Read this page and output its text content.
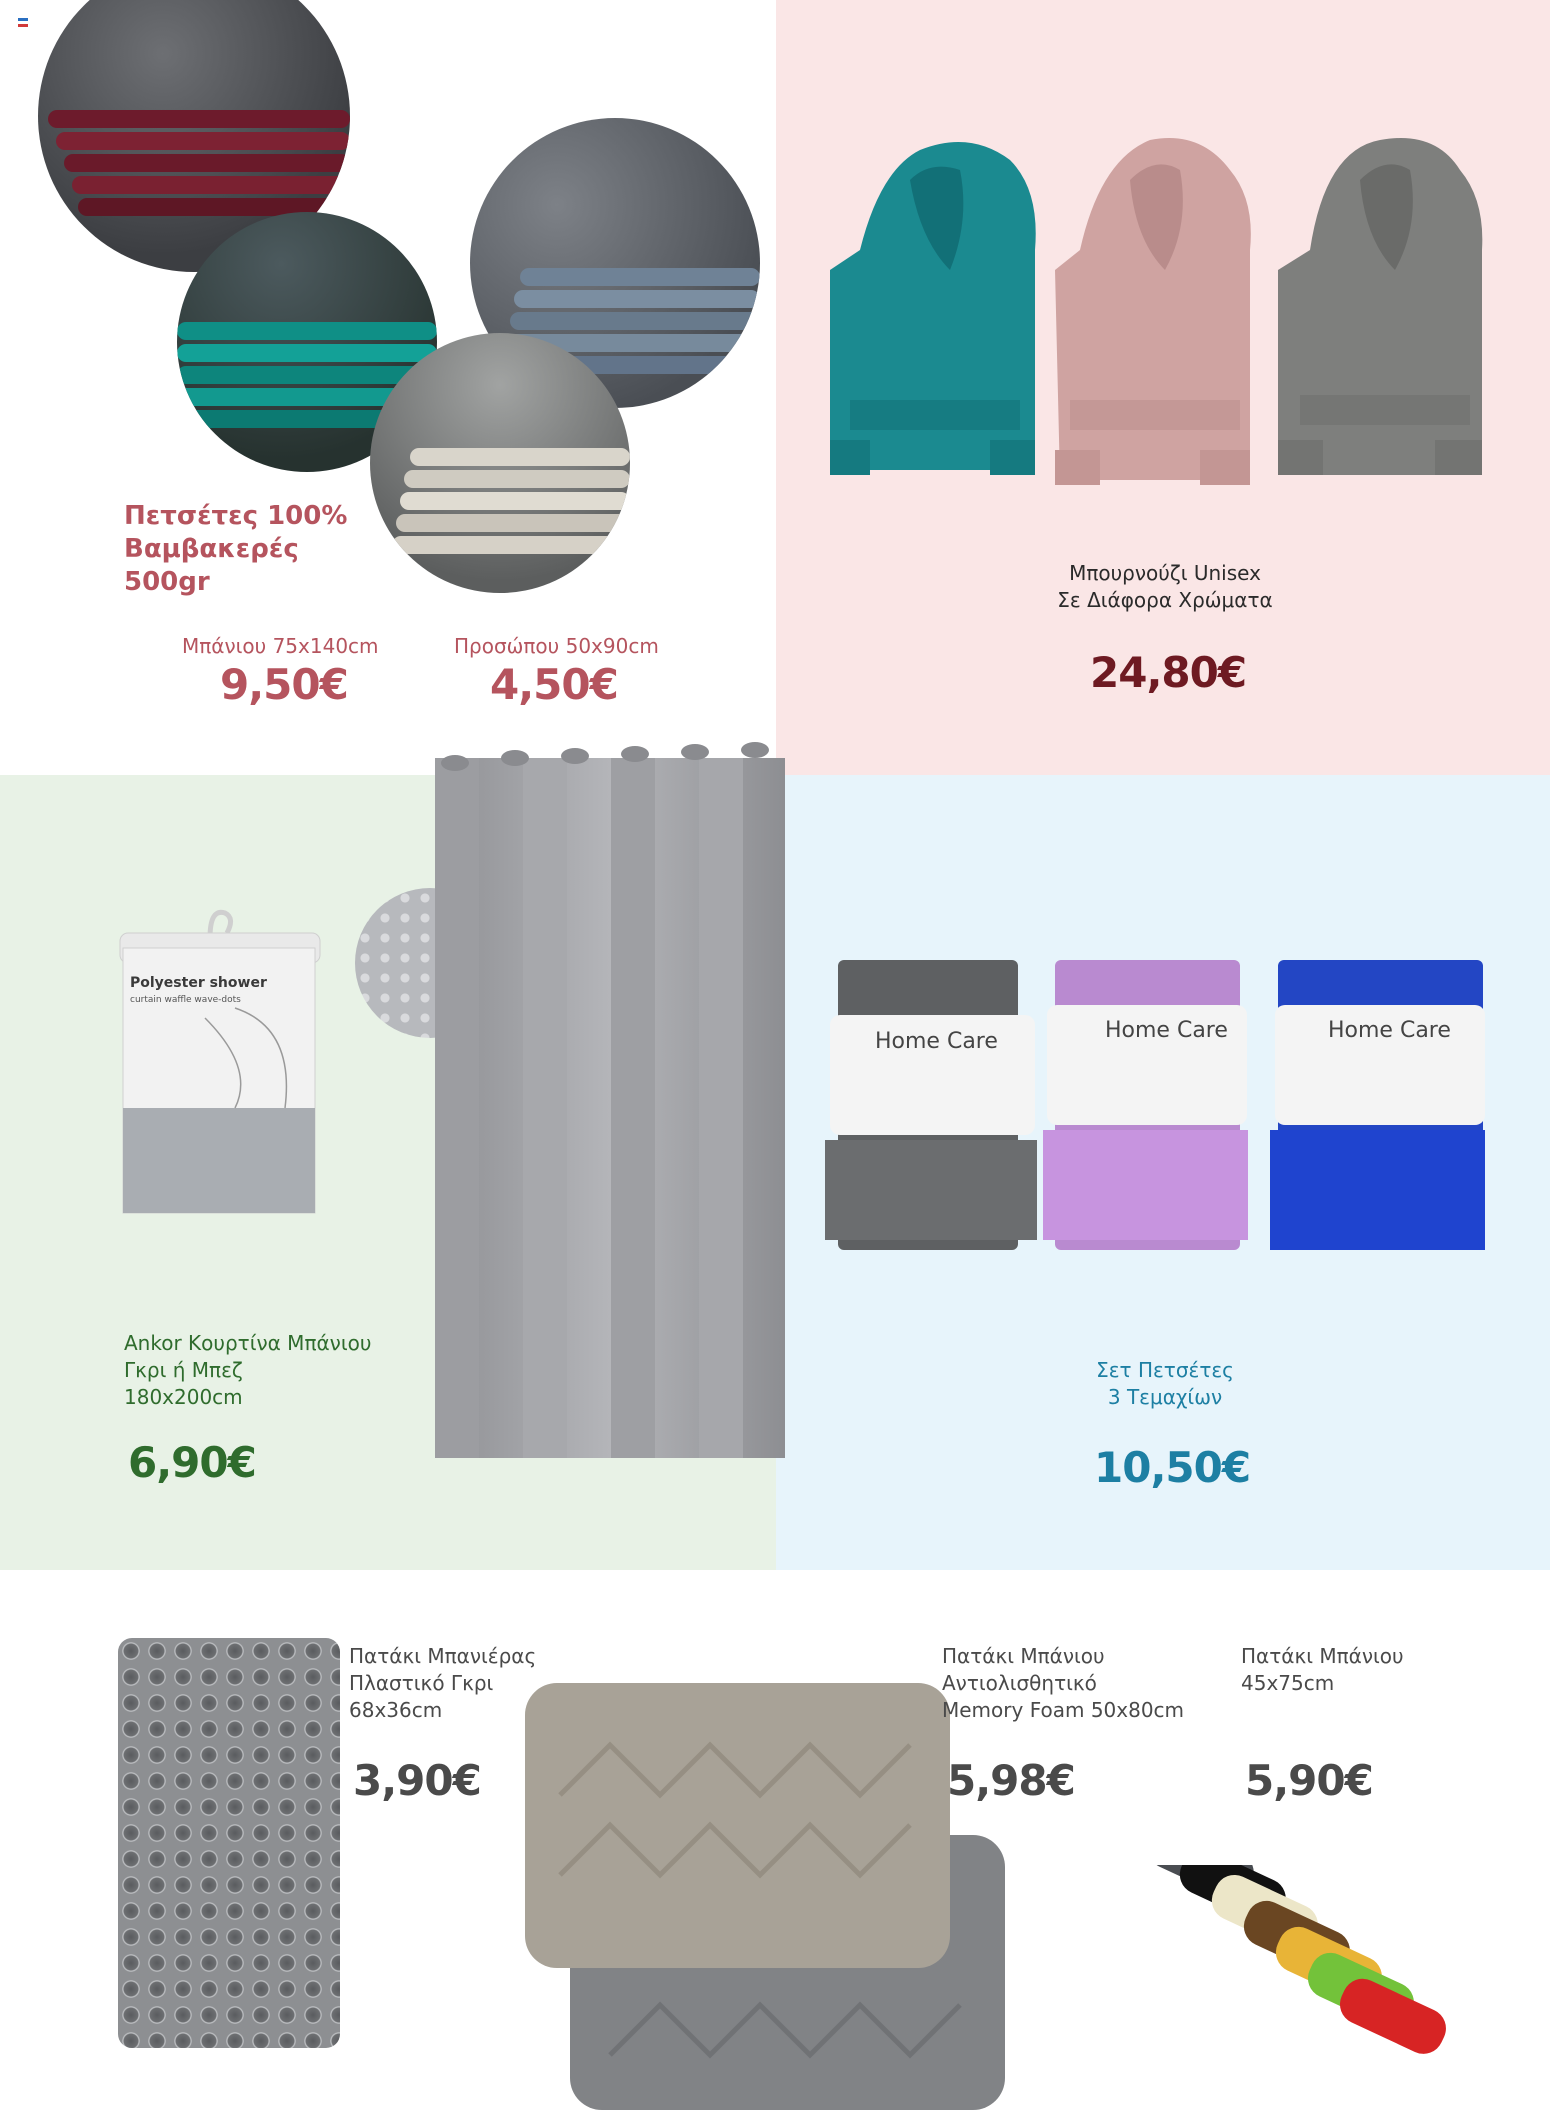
Πετσέτες 100%
Βαμβακερές
500gr
Μπάνιου 75x140cm
9,50€
Προσώπου 50x90cm
4,50€
Μπουρνούζι Unisex
Σε Διάφορα Χρώματα
24,80€
Polyester shower
curtain waffle wave-dots
Ankor Κουρτίνα Μπάνιου
Γκρι ή Μπεζ
180x200cm
6,90€
Home Care	Home Care	Home Care
Σετ Πετσέτες
3 Τεμαχίων
10,50€
Πατάκι Μπανιέρας
Πλαστικό Γκρι
68x36cm
3,90€
Πατάκι Μπάνιου
Αντιολισθητικό
Memory Foam 50x80cm
5,98€
Πατάκι Μπάνιου
45x75cm
5,90€
